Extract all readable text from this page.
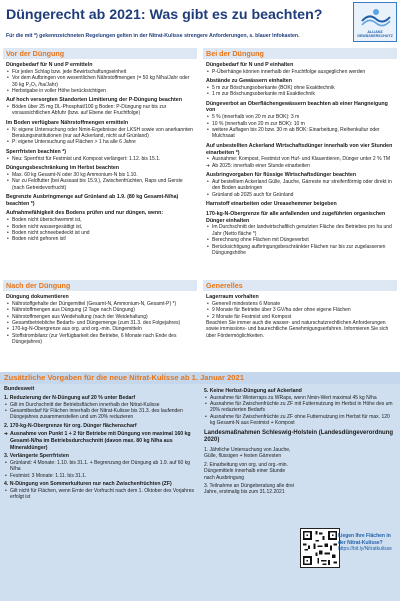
Düngerecht ab 2021: Was gibt es zu beachten?
Für die mit *) gekennzeichneten Regelungen gelten in der Nitrat-Kulisse strengere Anforderungen, s. blauer Infokasten.
ALLIANZ
GEWÄSSERSCHUTZ
Vor der Düngung
Düngebedarf für N und P ermitteln
• Für jeden Schlag bzw. jede Bewirtschaftungseinheit
• Vor dem Aufbringen von wesentlichen Nährstoffmengen (= 50 kg N/ha/Jahr oder 30 kg P₂O₅ /ha/Jahr)
• Herbstgabe in voller Höhe berücksichtigen
Auf hoch versorgten Standorten Limitierung der P-Düngung beachten
• Böden über 25 mg DL-Phosphat/100 g Boden: P-Düngung nur bis zur voraussichtlichen Abfuhr (bzw. auf Ebene der Fruchtfolge)
Im Boden verfügbare Nährstoffmengen ermitteln
• N: eigene Untersuchung oder Nmin-Ergebnisse der LKSH sowie von anerkannten Beratungsinstitutionen (nur auf Ackerland, nicht auf Grünland)
• P: eigene Untersuchung auf Flächen > 1 ha alle 6 Jahre
Sperrfristen beachten *)
• Neu: Sperrfrist für Festmist und Kompost verlängert: 1.12. bis 15.1.
Düngungsbeschränkung im Herbst beachten
• Max. 60 kg Gesamt-N oder 30 kg Ammonium-N bis 1.10.
• Nur zu Feldfutter (bei Aussaat bis 15.9.), Zwischenfrüchten, Raps und Gerste (nach Getreidevorfrucht)
Begrenzte Ausbringmenge auf Grünland ab 1.9. (80 kg Gesamt-N/ha) beachten *)
Aufnahmefähigkeit des Bodens prüfen und nur düngen, wenn:
• Boden nicht überschwemmt ist,
• Boden nicht wassergesättigt ist,
• Boden nicht schneebedeckt ist und
• Boden nicht gefroren ist!
Bei der Düngung
Düngebedarf für N und P einhalten
• P-Überhänge können innerhalb der Fruchtfolge ausgeglichen werden
Abstände zu Gewässern einhalten
• 5 m zur Böschungsoberkante (BOK) ohne Exakttechnik
• 1 m zur Böschungsoberkante mit Exakttechnik
Düngeverbot an Oberflächengewässern beachten ab einer Hangneigung von
• 5 % (innerhalb von 20 m zur BOK): 3 m
• 10 % (innerhalb von 20 m zur BOK): 10 m
• weitere Auflagen bis 20 bzw. 30 m ab BOK: Einarbeitung, Reihenkultur oder Mulchsaat
Auf unbestellten Ackerland Wirtschaftsdünger innerhalb von vier Stunden einarbeiten *)
• Ausnahme: Kompost, Festmist von Huf- und Klauentieren, Dünger unter 2 % TM
➔ Ab 2025: innerhalb einer Stunde einarbeiten
Ausbringvorgaben für flüssige Wirtschaftsdünger beachten
• Auf bestelltem Ackerland Gülle, Jauche, Gärreste nur streifenförmig oder direkt in den Boden ausbringen
• Grünland ab 2025 auch für Grünland
Harnstoff einarbeiten oder Ureasehemmer beigeben
170-kg-N-Obergrenze für alle anfallenden und zugeführten organischen Dünger einhalten
• Im Durchschnitt der landwirtschaftlich genutzten Fläche des Betriebes pro ha und Jahr (Netto fläche *)
• Berechnung ohne Flächen mit Düngeverbot
• Berücksichtigung aufbringungsbeschränkter Flächen nur bis zur zugelassenen Düngungshöhe
Nach der Düngung
Düngung dokumentieren
• Nährstoffgehalte der Düngemittel (Gesamt-N, Ammonium-N, Gesamt-P) *)
• Nährstoffmengen aus Düngung (2 Tage nach Düngung)
• Nährstoffmengen aus Weidehaltung (nach der Weidehaltung)
• Gesamtbetriebliche Bedarfs- und Düngemenge (zum 31.3. des Folgejahres)
• 170-kg-N-Obergrenze aus org. und org.-min. Düngemitteln
• Stoffstrombilanz (zur Verfügbarkeit des Betriebe, 6 Monate nach Ende des Düngejahres)
Generelles
Lagerraum vorhalten
• Generell mindestens 6 Monate
• 9 Monate für Betriebe über 3 GV/ha oder ohne eigene Flächen
• 2 Monate für Festmist und Kompost
Beachten Sie immer auch die wasser- und naturschutzrechtlichen Anforderungen sowie immissions- und baurechtliche Genehmigungserfahren. Informieren Sie sich über Fördermöglichkeiten.
Zusätzliche Vorgaben für die neue Nitrat-Kulisse ab 1. Januar 2021
Bundesweit
1. Reduzierung der N-Düngung auf 20 % unter Bedarf
• Gilt im Durchschnitt der Betriebsflächen innerhalb der Nitrat-Kulisse
• Gesamtbedarf für Flächen innerhalb der Nitrat-Kulisse bis 31.3. des laufenden Düngejahres zusammenstellen und um 20% reduzieren
2. 170-kg-N-Obergrenze für org. Dünger flächenscharf
➔ Ausnahme von Punkt 1 + 2 für Betriebe mit Düngung von maximal 160 kg Gesamt-N/ha im Betriebsdurchschnitt (davon max. 80 kg N/ha aus Mineraldünger)
3. Verlängerte Sperrfristen
• Grünland: 4 Monate: 1.10. bis 31.1. + Begrenzung der Düngung ab 1.9. auf 60 kg N/ha
• Festmist: 3 Monate: 1.11. bis 31.1.
4. N-Düngung von Sommerkulturen nur nach Zwischenfrüchten (ZF)
• Gilt nicht für Flächen, wenn Ernte der Vorfrucht nach dem 1. Oktober des Vorjahres erfolgt ist
5. Keine Herbst-Düngung auf Ackerland
• Ausnahme für Winterraps zu WRaps, wenn Nmin-Wert maximal 45 kg N/ha
• Ausnahme für Zwischenfrüchte zu ZF mit Futternutzung im Herbst in Höhe des um 20% reduzierten Bedarfs
• Ausnahme für Zwischenfrüchte zu ZF ohne Futternutzung im Herbst für max. 120 kg Gesamt-N aus Festmist + Kompost
Landesmaßnahmen Schleswig-Holstein (Landesdüngeverordnung 2020)
1. Jährliche Untersuchung von Jauche, Gülle, flüssigen + festen Gärresten
2. Einarbeitung von org. und org.-min. Düngemitteln innerhalb einer Stunde nach Ausbringung
3. Teilnahme an Düngeberatung alle drei Jahre, erstmalig bis zum 31.12.2021
Liegen Ihre Flächen in der Nitrat-Kulisse?
https://bit.ly/Nitratkulisse
